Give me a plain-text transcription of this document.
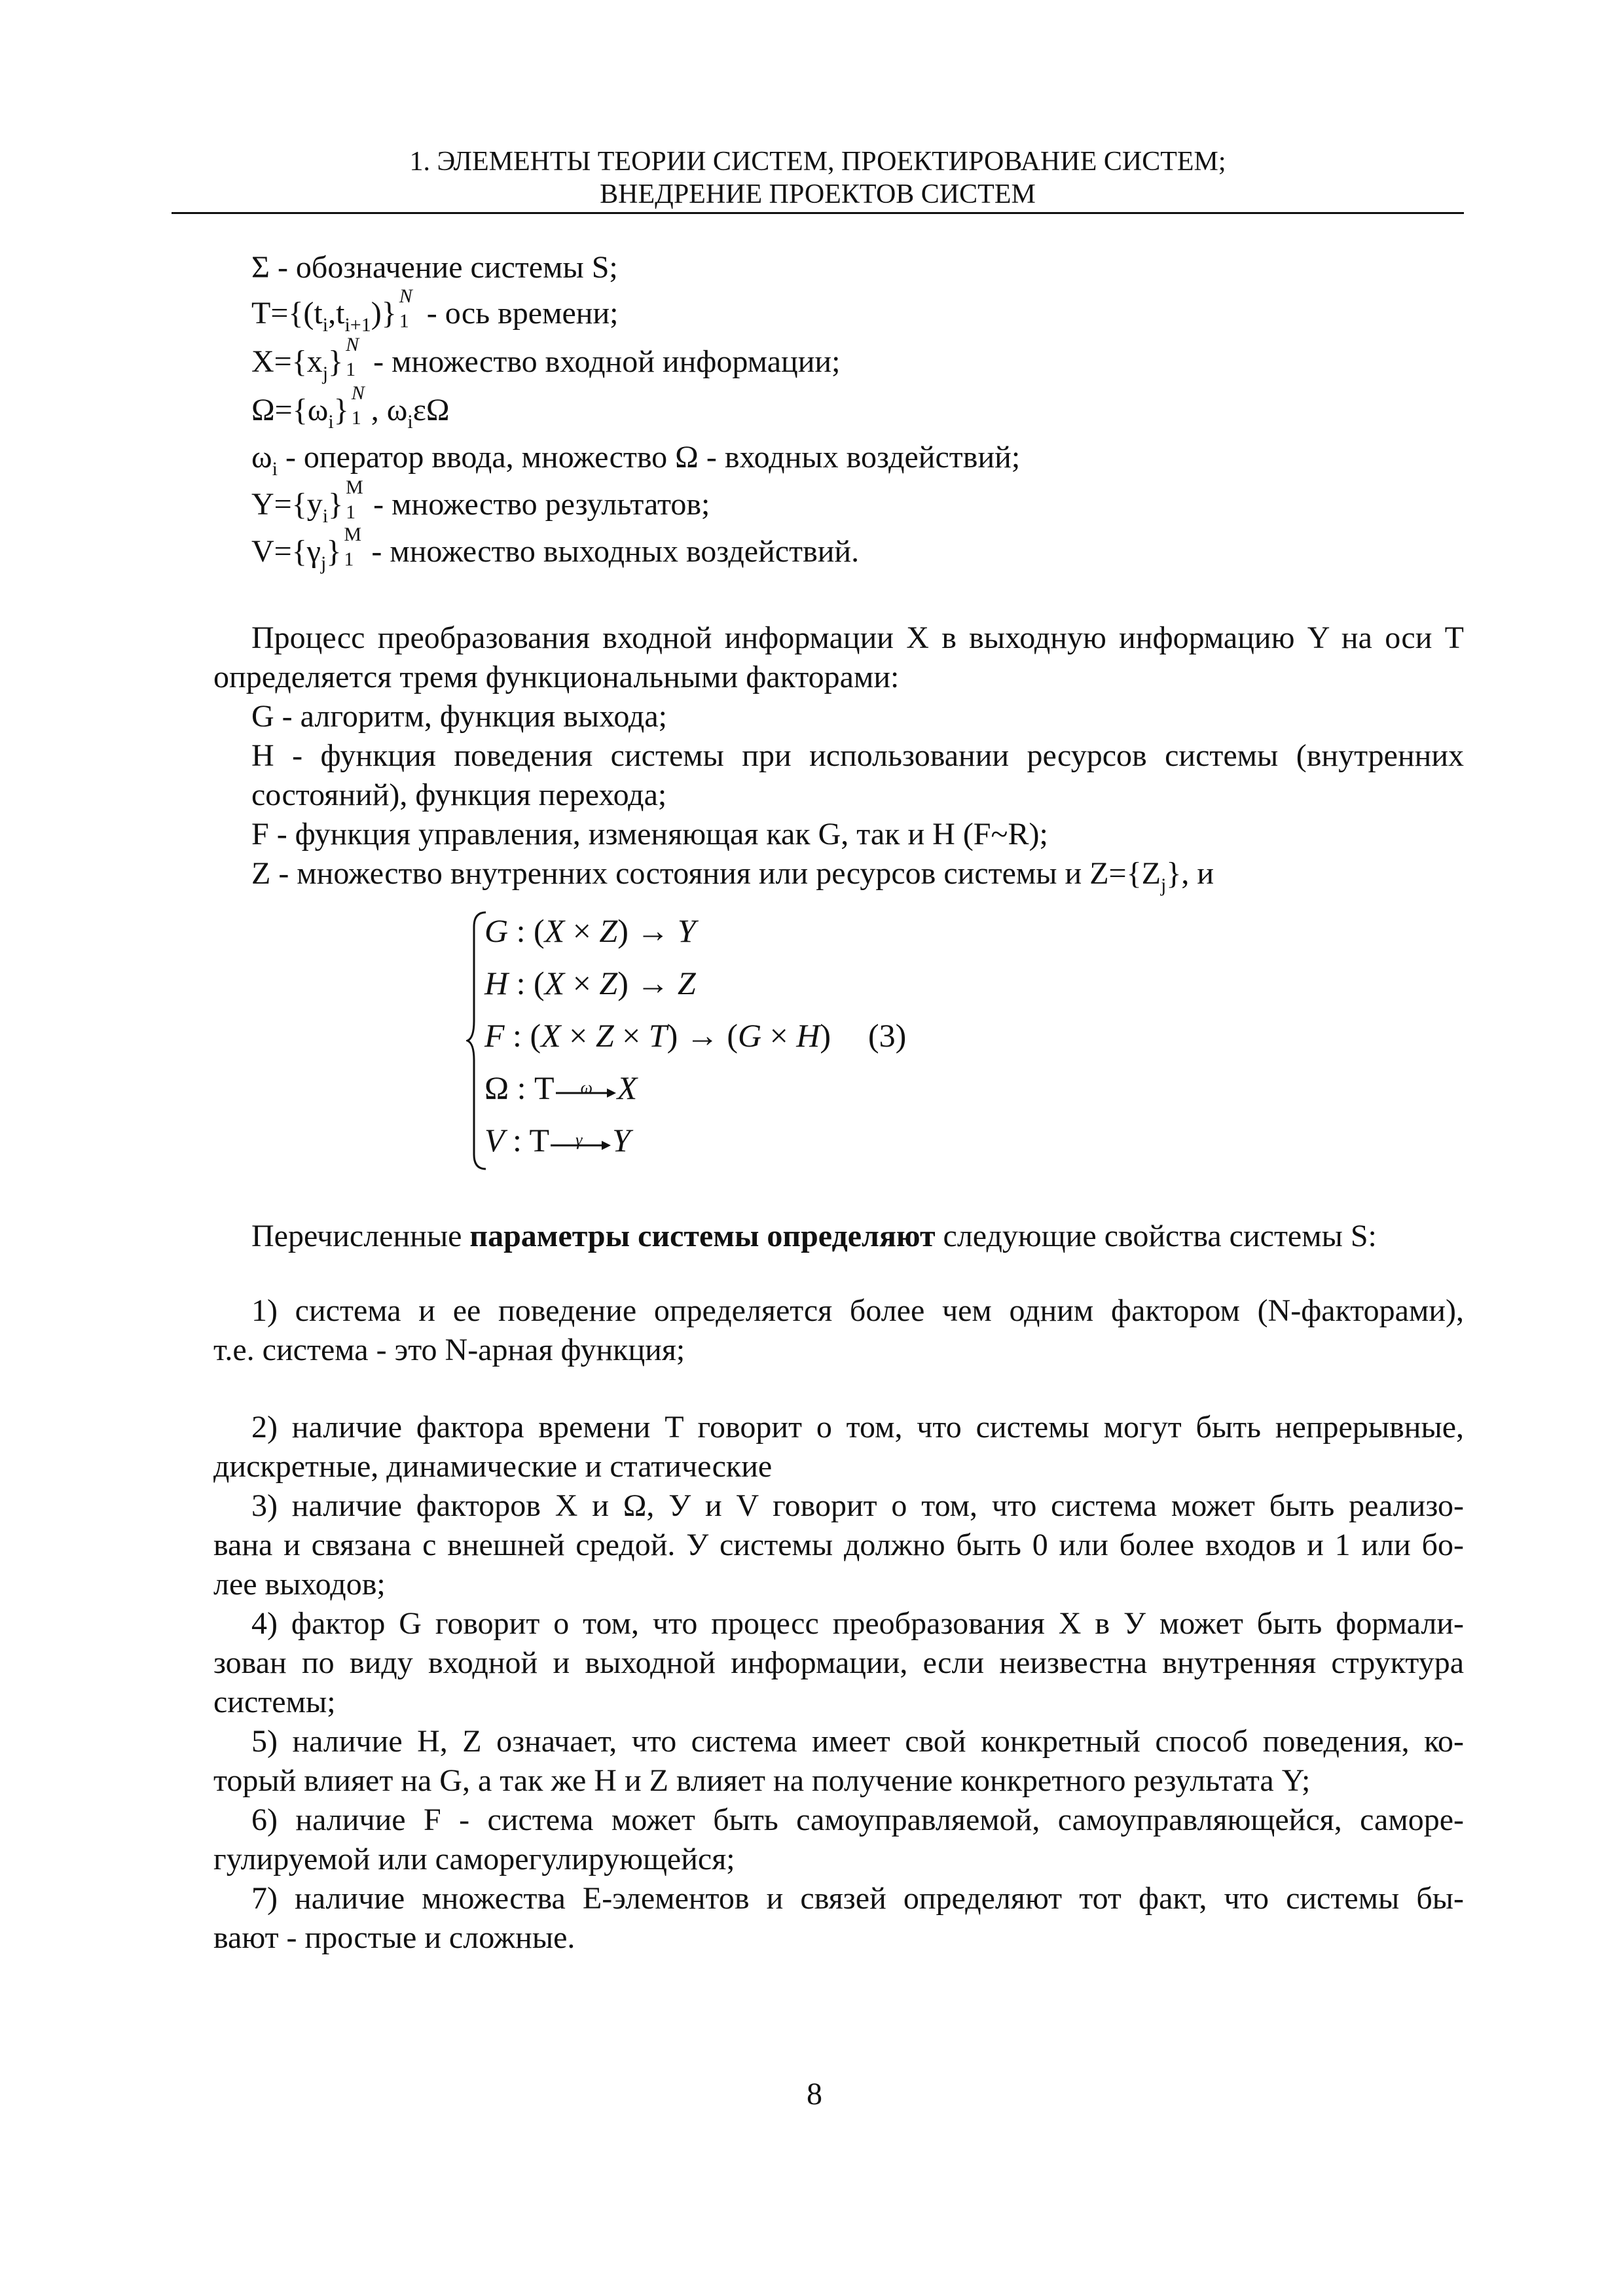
1. ЭЛЕМЕНТЫ ТЕОРИИ СИСТЕМ, ПРОЕКТИРОВАНИЕ СИСТЕМ;
ВНЕДРЕНИЕ ПРОЕКТОВ СИСТЕМ
Σ - обозначение системы S;
$T=\{(t_i,t_{i+1})\}$ N
1 - ось времени;
$X=\{x_j\}$ N
1 - множество входной информации;
$\Omega=\{\omega_i\}$ N
1 , $\omega_i\varepsilon\Omega$
$\omega_i$ - оператор ввода, множество Ω - входных воздействий;
$Y=\{y_i\}$ M
1 - множество результатов;
$V=\{\gamma_j\}$ M
1 - множество выходных воздействий.
Процесс преобразования входной информации X в выходную информацию Y на оси T
определяется тремя функциональными факторами:
G - алгоритм, функция выхода;
H - функция поведения системы при использовании ресурсов системы (внутренних
состояний), функция перехода;
F - функция управления, изменяющая как G, так и H (F~R);
Z - множество внутренних состояния или ресурсов системы и $Z=\{Z_j\}$, и
G : (X × Z) → Y
H : (X × Z) → Z
F : (X × Z × T) → (G × H)
Ω : T ω X
V : T γ Y
(3)
Перечисленные параметры системы определяют следующие свойства системы S:
1) система и ее поведение определяется более чем одним фактором (N-факторами),
т.е. система - это N-арная функция;
2) наличие фактора времени T говорит о том, что системы могут быть непрерывные,
дискретные, динамические и статические
3) наличие факторов X и Ω, У и V говорит о том, что система может быть реализо-
вана и связана с внешней средой. У системы должно быть 0 или более входов и 1 или бо-
лее выходов;
4) фактор G говорит о том, что процесс преобразования X в У может быть формали-
зован по виду входной и выходной информации, если неизвестна внутренняя структура
системы;
5) наличие H, Z означает, что система имеет свой конкретный способ поведения, ко-
торый влияет на G, а так же H и Z влияет на получение конкретного результата Y;
6) наличие F - система может быть самоуправляемой, самоуправляющейся, саморе-
гулируемой или саморегулирующейся;
7) наличие множества E-элементов и связей определяют тот факт, что системы бы-
вают - простые и сложные.
8
